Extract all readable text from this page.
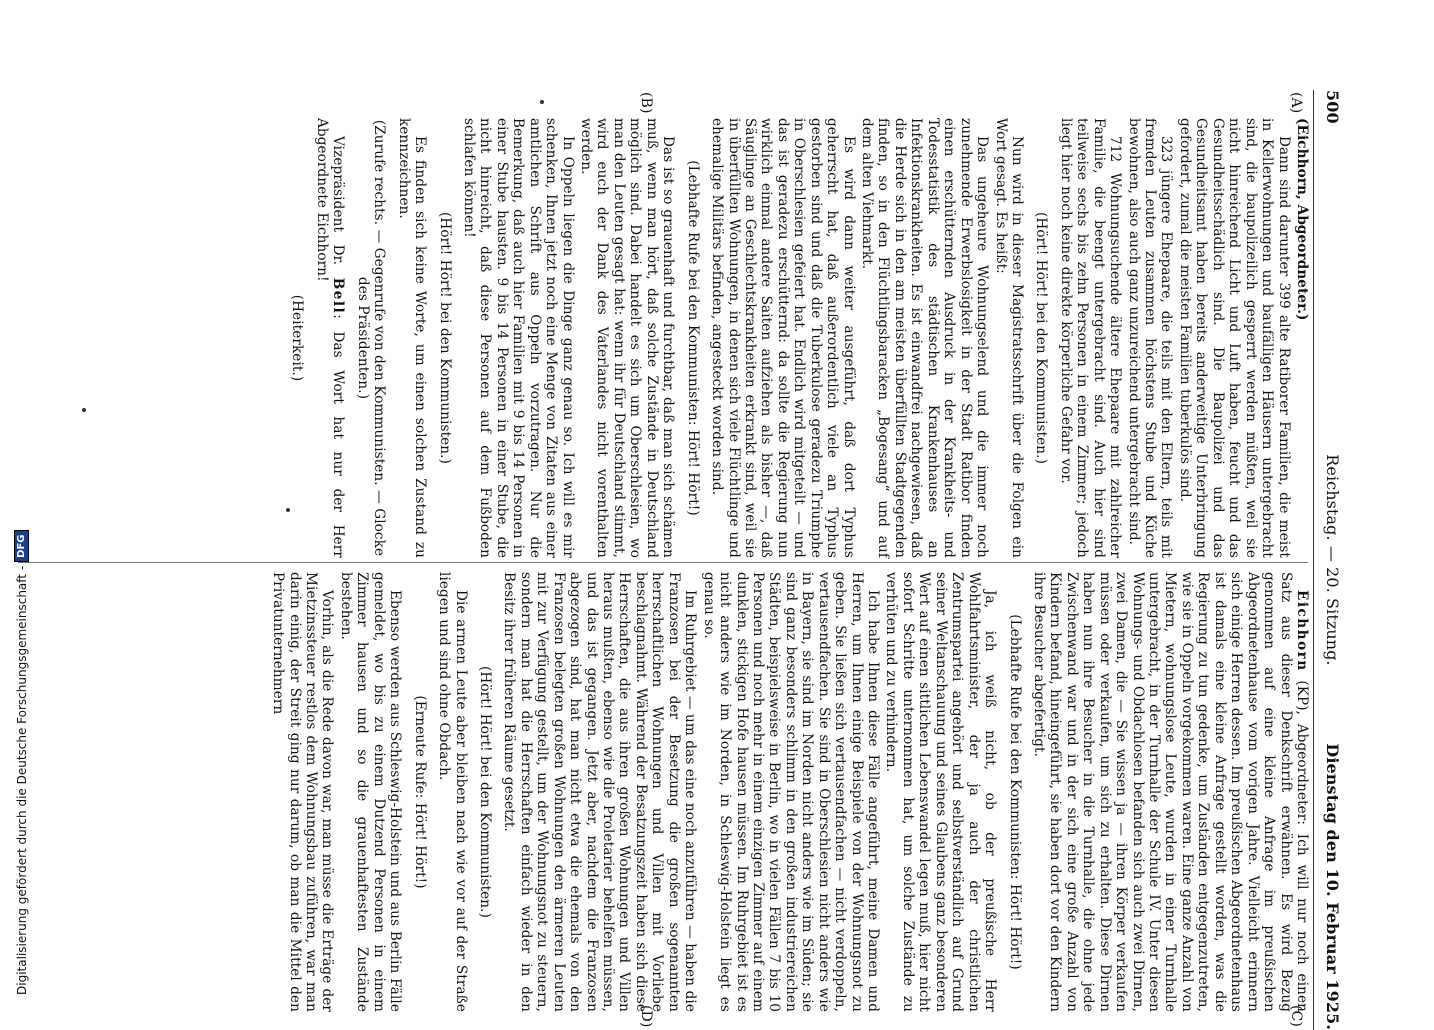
500
Reichstag. — 20. Sitzung.
Dienstag den 10. Februar 1925.
(A)
(B)
(C)
(D)

(Eichhorn, Abgeordneter.)

Dann sind darunter 399 alte Ratiborer Familien, die meist in Kellerwohnungen und baufälligen Häusern untergebracht sind, die baupolizeilich gesperrt werden müßten, weil sie nicht hinreichend Licht und Luft haben, feucht und das Gesundheitsschädlich sind. Die Baupolizei und das Gesundheitsamt haben bereits anderweitige Unterbringung gefordert, zumal die meisten Familien tuberkulös sind.

323 jüngere Ehepaare, die teils mit den Eltern, teils mit fremden Leuten zusammen höchstens Stube und Küche bewohnen, also auch ganz unzureichend untergebracht sind.

712 Wohnungsuchende ältere Ehepaare mit zahlreicher Familie, die beengt untergebracht sind. Auch hier sind teilweise sechs bis zehn Personen in einem Zimmer; jedoch liegt hier noch keine direkte körperliche Gefahr vor.

(Hört! Hört! bei den Kommunisten.)

Nun wird in dieser Magistratsschrift über die Folgen ein Wort gesagt. Es heißt:

Das ungeheure Wohnungselend und die immer noch zunehmende Erwerbslosigkeit in der Stadt Ratibor finden einen erschütternden Ausdruck in der Krankheits- und Todesstatistik des städtischen Krankenhauses an Infektionskrankheiten. Es ist einwandfrei nachgewiesen, daß die Herde sich in den am meisten überfüllten Stadtgegenden finden, so in den Flüchtlingsbaracken „Bogesang“ und auf dem alten Viehmarkt.

Es wird dann weiter ausgeführt, daß dort Typhus geherrscht hat, daß außerordentlich viele an Typhus gestorben sind und daß die Tuberkulose geradezu Triumphe in Oberschlesien gefeiert hat. Endlich wird mitgeteilt — und das ist geradezu erschütternd: da sollte die Regierung nun wirklich einmal andere Saiten aufziehen als bisher —, daß Säuglinge an Geschlechtskrankheiten erkrankt sind, weil sie in überfüllten Wohnungen, in denen sich viele Flüchtlinge und ehemalige Militärs befinden, angesteckt worden sind.

(Lebhafte Rufe bei den Kommunisten: Hört! Hört!)

Das ist so grauenhaft und furchtbar, daß man sich schämen muß, wenn man hört, daß solche Zustände in Deutschland möglich sind. Dabei handelt es sich um Oberschlesien, wo man den Leuten gesagt hat: wenn ihr für Deutschland stimmt, wird euch der Dank des Vaterlandes nicht vorenthalten werden.

In Oppeln liegen die Dinge ganz genau so. Ich will es mir schenken, Ihnen jetzt noch eine Menge von Zitaten aus einer amtlichen Schrift aus Oppeln vorzutragen. Nur die Bemerkung, daß auch hier Familien mit 9 bis 14 Personen in einer Stube hausten. 9 bis 14 Personen in einer Stube, die nicht hinreicht, daß diese Personen auf dem Fußboden schlafen können!

(Hört! Hört! bei den Kommunisten.)

Es finden sich keine Worte, um einen solchen Zustand zu kennzeichnen.

(Zurufe rechts. — Gegenrufe von den Kommunisten. — Glocke des Präsidenten.)

Vizepräsident Dr. Bell: Das Wort hat nur der Herr Abgeordnete Eichhorn!

(Heiterkeit.)

Eichhorn (KP), Abgeordneter: Ich will nur noch einen Satz aus dieser Denkschrift erwähnen. Es wird Bezug genommen auf eine kleine Anfrage im preußischen Abgeordnetenhause vom vorigen Jahre. Vielleicht erinnern sich einige Herren dessen. Im preußischen Abgeordnetenhaus ist damals eine kleine Anfrage gestellt worden, was die Regierung zu tun gedenke, um Zuständen entgegenzutreten, wie sie in Oppeln vorgekommen waren. Eine ganze Anzahl von Mietern, wohnungslose Leute, wurden in einer Turnhalle untergebracht, in der Turnhalle der Schule IV. Unter diesen Wohnungs- und Obdachlosen befanden sich auch zwei Dirnen, zwei Damen, die — Sie wissen ja — ihren Körper verkaufen müssen oder verkaufen, um sich zu erhalten. Diese Dirnen haben nun ihre Besucher in die Turnhalle, die ohne jede Zwischenwand war und in der sich eine große Anzahl von Kindern befand, hineingeführt, sie haben dort vor den Kindern ihre Besucher abgefertigt.

(Lebhafte Rufe bei den Kommunisten: Hört! Hört!)

Ja, ich weiß nicht, ob der preußische Herr Wohlfahrtsminister, der ja auch der christlichen Zentrumspartei angehört und selbstverständlich auf Grund seiner Weltanschauung und seines Glaubens ganz besonderen Wert auf einen sittlichen Lebenswandel legen muß, hier nicht sofort Schritte unternommen hat, um solche Zustände zu verhüten und zu verhindern.

Ich habe Ihnen diese Fälle angeführt, meine Damen und Herren, um Ihnen einige Beispiele von der Wohnungsnot zu geben. Sie ließen sich vertausendfachen — nicht verdoppeln, vertausendfachen. Sie sind in Oberschlesien nicht anders wie in Bayern, sie sind im Norden nicht anders wie im Süden; sie sind ganz besonders schlimm in den großen industriereichen Städten, beispielsweise in Berlin, wo in vielen Fällen 7 bis 10 Personen und noch mehr in einem einzigen Zimmer auf einem dunklen, stickigen Hofe hausen müssen. Im Ruhrgebiet ist es nicht anders wie im Norden, in Schleswig-Holstein liegt es genau so.

Im Ruhrgebiet — um das eine noch anzuführen — haben die Franzosen bei der Besetzung die großen sogenannten herrschaftlichen Wohnungen und Villen mit Vorliebe beschlagnahmt. Während der Besatzungszeit haben sich diese Herrschaften, die aus ihren großen Wohnungen und Villen heraus mußten, ebenso wie die Proletarier behelfen müssen, und das ist gegangen. Jetzt aber, nachdem die Franzosen abgezogen sind, hat man nicht etwa die ehemals von den Franzosen belegten großen Wohnungen den ärmeren Leuten mit zur Verfügung gestellt, um der Wohnungsnot zu steuern, sondern man hat die Herrschaften einfach wieder in den Besitz ihrer früheren Räume gesetzt.

(Hört! Hört! bei den Kommunisten.)

Die armen Leute aber bleiben nach wie vor auf der Straße liegen und sind ohne Obdach.

(Erneute Rufe: Hört! Hört!)

Ebenso werden aus Schleswig-Holstein und aus Berlin Fälle gemeldet, wo bis zu einem Dutzend Personen in einem Zimmer hausen und so die grauenhaftesten Zustände bestehen.

Vorhin, als die Rede davon war, man müsse die Erträge der Mietzinssteuer restlos dem Wohnungsbau zuführen, war man darin einig, der Streit ging nur darum, ob man die Mittel den Privatunternehmern

Digitalisierung gefördert durch die Deutsche Forschungsgemeinschaft -
DFG
